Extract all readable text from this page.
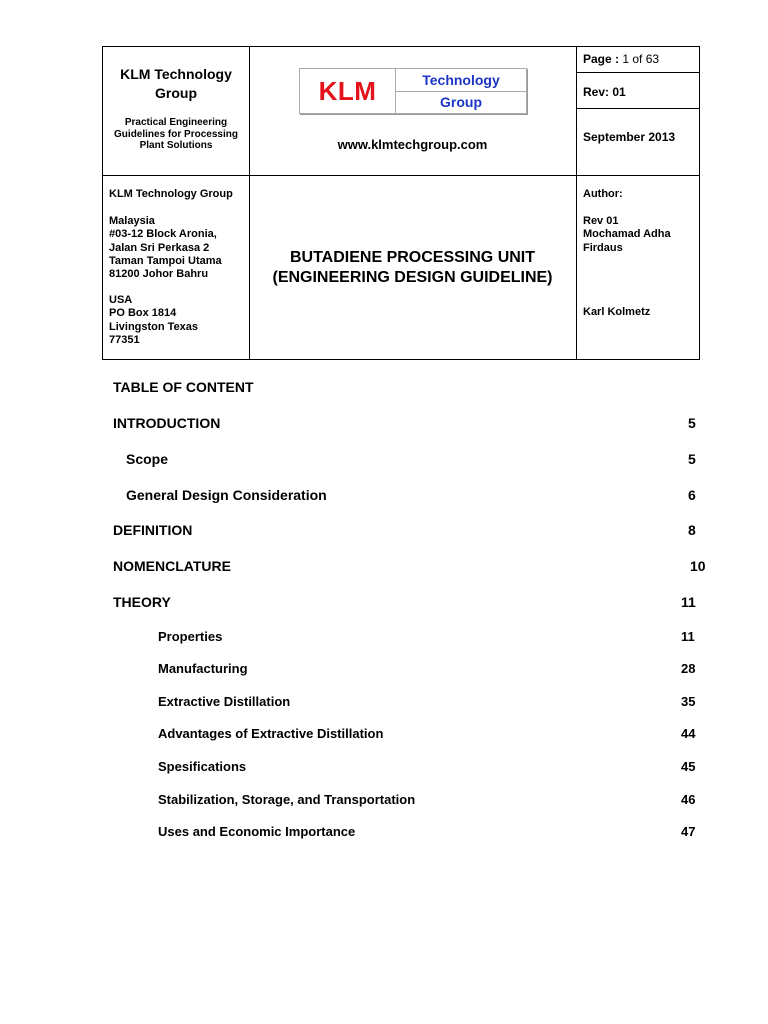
KLM Technology Group
Practical Engineering Guidelines for Processing Plant Solutions	www.klmtechgroup.com
Page : 1 of 63
Rev: 01
September 2013
KLM Technology Group
Malaysia
#03-12 Block Aronia,
Jalan Sri Perkasa 2
Taman Tampoi Utama
81200 Johor Bahru
USA
PO Box 1814
Livingston Texas
77351
BUTADIENE PROCESSING UNIT
(ENGINEERING DESIGN GUIDELINE)
Author:
Rev 01
Mochamad Adha
Firdaus
Karl Kolmetz
KLM	Technology
Group
TABLE OF CONTENT
INTRODUCTION	5
Scope	5
General Design Consideration	6
DEFINITION	8
NOMENCLATURE	10
THEORY	11
Properties	11
Manufacturing	28
Extractive Distillation	35
Advantages of Extractive Distillation	44
Spesifications	45
Stabilization, Storage, and Transportation	46
Uses and Economic Importance	47
